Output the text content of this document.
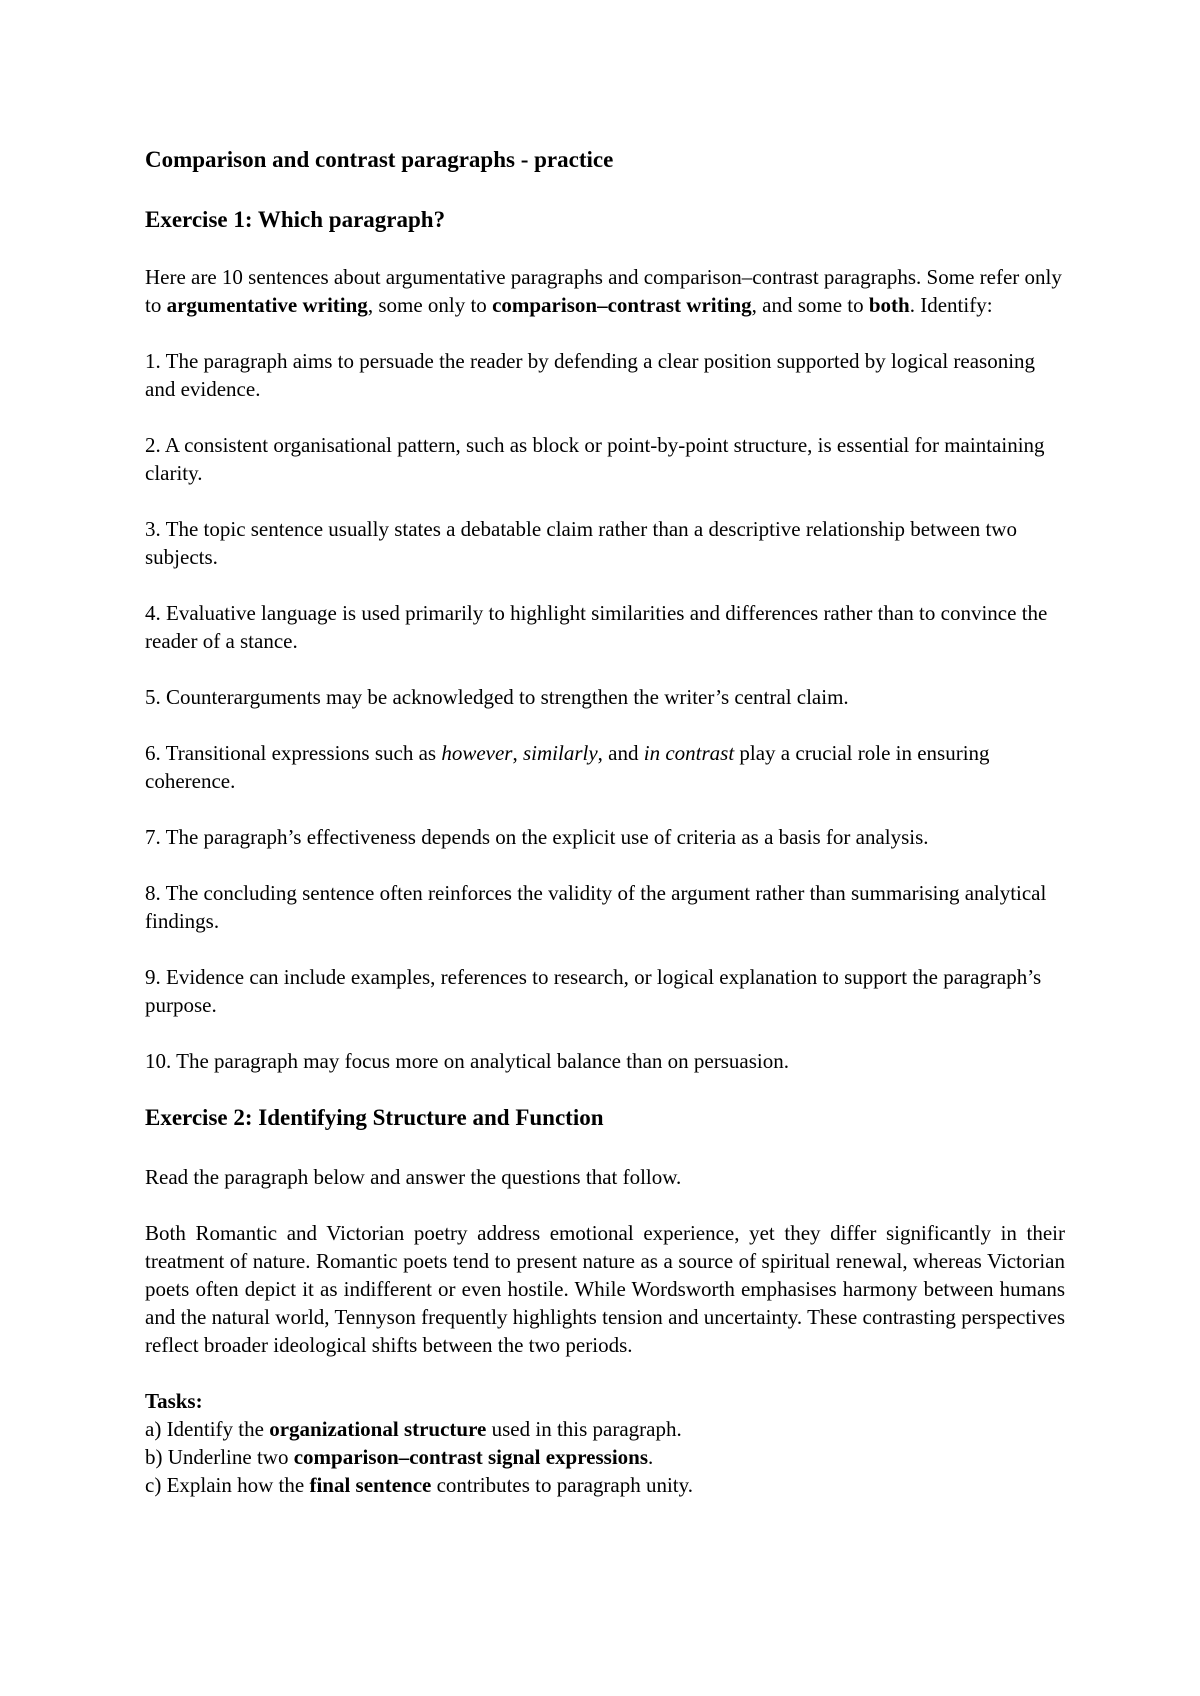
Comparison and contrast paragraphs - practice
Exercise 1: Which paragraph?

Here are 10 sentences about argumentative paragraphs and comparison–contrast paragraphs. Some refer only to argumentative writing, some only to comparison–contrast writing, and some to both. Identify:

1. The paragraph aims to persuade the reader by defending a clear position supported by logical reasoning and evidence.

2. A consistent organisational pattern, such as block or point-by-point structure, is essential for maintaining clarity.

3. The topic sentence usually states a debatable claim rather than a descriptive relationship between two subjects.

4. Evaluative language is used primarily to highlight similarities and differences rather than to convince the reader of a stance.

5. Counterarguments may be acknowledged to strengthen the writer’s central claim.

6. Transitional expressions such as however, similarly, and in contrast play a crucial role in ensuring coherence.

7. The paragraph’s effectiveness depends on the explicit use of criteria as a basis for analysis.

8. The concluding sentence often reinforces the validity of the argument rather than summarising analytical findings.

9. Evidence can include examples, references to research, or logical explanation to support the paragraph’s purpose.

10. The paragraph may focus more on analytical balance than on persuasion.

Exercise 2: Identifying Structure and Function

Read the paragraph below and answer the questions that follow.

Both Romantic and Victorian poetry address emotional experience, yet they differ significantly in their treatment of nature. Romantic poets tend to present nature as a source of spiritual renewal, whereas Victorian poets often depict it as indifferent or even hostile. While Wordsworth emphasises harmony between humans and the natural world, Tennyson frequently highlights tension and uncertainty. These contrasting perspectives reflect broader ideological shifts between the two periods.

Tasks:

a) Identify the organizational structure used in this paragraph.

b) Underline two comparison–contrast signal expressions.

c) Explain how the final sentence contributes to paragraph unity.
